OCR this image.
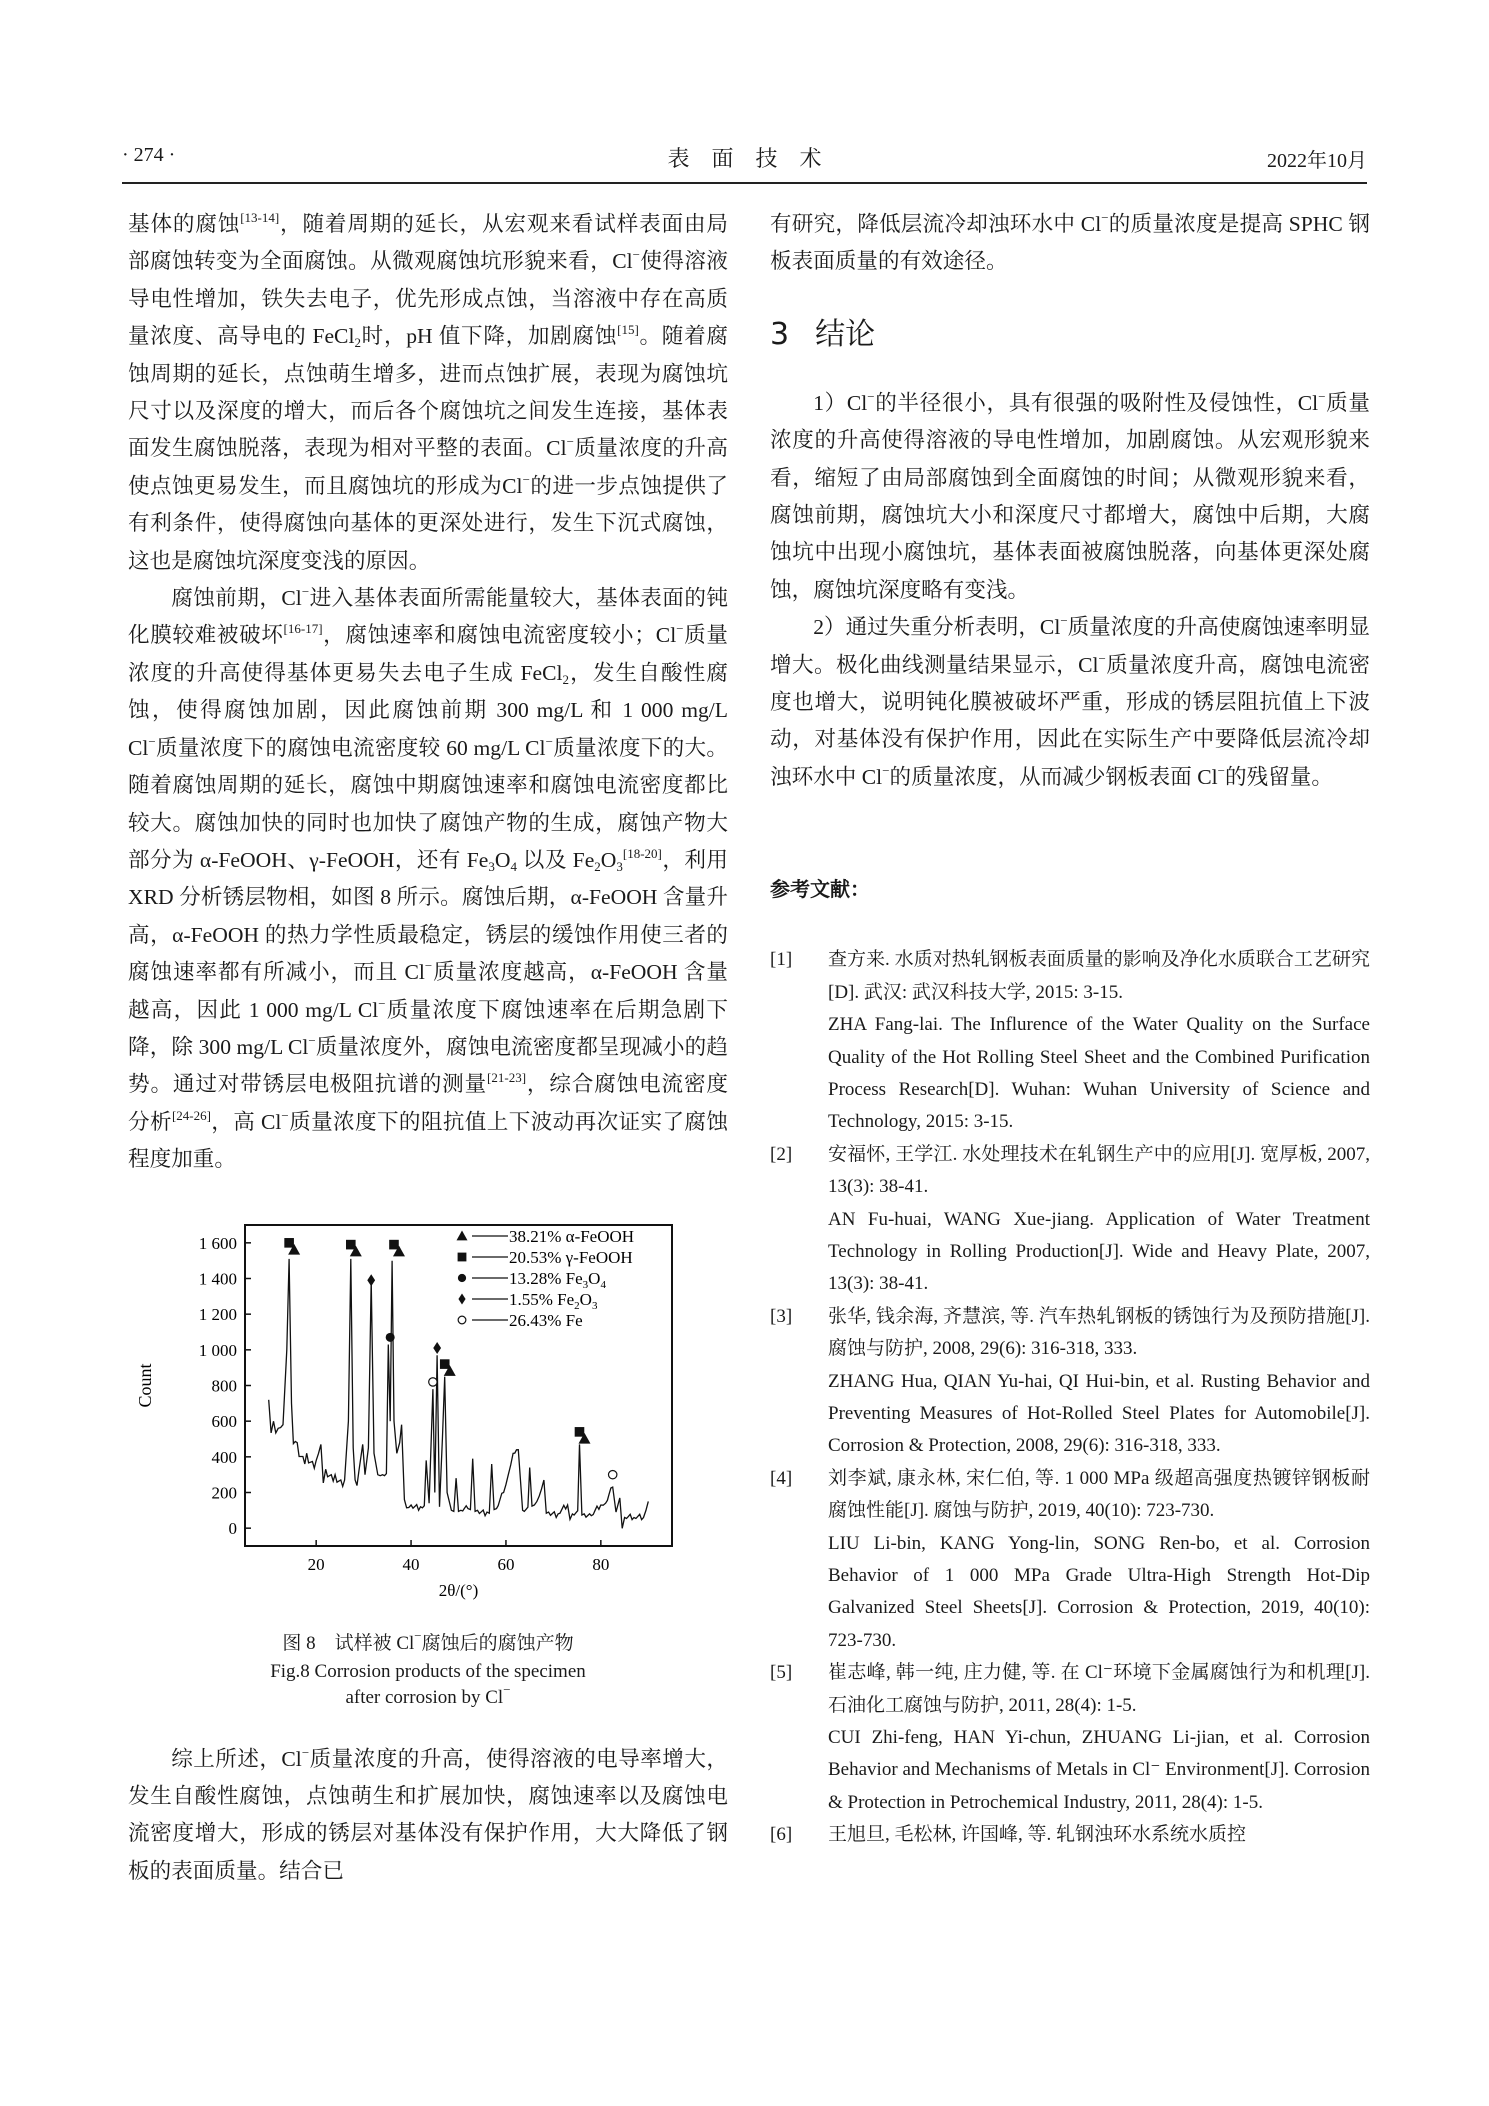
· 274 ·	表面技术	2022年10月

基体的腐蚀[13-14]，随着周期的延长，从宏观来看试样表面由局部腐蚀转变为全面腐蚀。从微观腐蚀坑形貌来看，Cl−使得溶液导电性增加，铁失去电子，优先形成点蚀，当溶液中存在高质量浓度、高导电的 FeCl$_2$时，pH 值下降，加剧腐蚀[15]。随着腐蚀周期的延长，点蚀萌生增多，进而点蚀扩展，表现为腐蚀坑尺寸以及深度的增大，而后各个腐蚀坑之间发生连接，基体表面发生腐蚀脱落，表现为相对平整的表面。Cl−质量浓度的升高使点蚀更易发生，而且腐蚀坑的形成为Cl−的进一步点蚀提供了有利条件，使得腐蚀向基体的更深处进行，发生下沉式腐蚀，这也是腐蚀坑深度变浅的原因。

腐蚀前期，Cl−进入基体表面所需能量较大，基体表面的钝化膜较难被破坏[16-17]，腐蚀速率和腐蚀电流密度较小；Cl−质量浓度的升高使得基体更易失去电子生成 FeCl$_2$，发生自酸性腐蚀，使得腐蚀加剧，因此腐蚀前期 300 mg/L 和 1 000 mg/L Cl−质量浓度下的腐蚀电流密度较 60 mg/L Cl−质量浓度下的大。随着腐蚀周期的延长，腐蚀中期腐蚀速率和腐蚀电流密度都比较大。腐蚀加快的同时也加快了腐蚀产物的生成，腐蚀产物大部分为 α-FeOOH、γ-FeOOH，还有 $Fe_3O_4$ 以及 $Fe_2O_3[18-20]$，利用 XRD 分析锈层物相，如图 8 所示。腐蚀后期，α-FeOOH 含量升高，α-FeOOH 的热力学性质最稳定，锈层的缓蚀作用使三者的腐蚀速率都有所减小，而且 Cl−质量浓度越高，α-FeOOH 含量越高，因此 1 000 mg/L Cl−质量浓度下腐蚀速率在后期急剧下降，除 300 mg/L Cl−质量浓度外，腐蚀电流密度都呈现减小的趋势。通过对带锈层电极阻抗谱的测量[21-23]，综合腐蚀电流密度分析[24-26]，高 Cl−质量浓度下的阻抗值上下波动再次证实了腐蚀程度加重。

0
200
400
600
800
1 000
1 200
1 400
1 600
20	40	60	80
2θ/(°)
Count
38.21% α-FeOOH
20.53% γ-FeOOH
13.28% $Fe_3O_4$
1.55% $Fe_2O_3$
26.43% Fe
图 8　试样被 Cl−腐蚀后的腐蚀产物
Fig.8 Corrosion products of the specimen
after corrosion by Cl−

综上所述，Cl−质量浓度的升高，使得溶液的电导率增大，发生自酸性腐蚀，点蚀萌生和扩展加快，腐蚀速率以及腐蚀电流密度增大，形成的锈层对基体没有保护作用，大大降低了钢板的表面质量。结合已

有研究，降低层流冷却浊环水中 Cl−的质量浓度是提高 SPHC 钢板表面质量的有效途径。

3 结论

1）Cl−的半径很小，具有很强的吸附性及侵蚀性，Cl−质量浓度的升高使得溶液的导电性增加，加剧腐蚀。从宏观形貌来看，缩短了由局部腐蚀到全面腐蚀的时间；从微观形貌来看，腐蚀前期，腐蚀坑大小和深度尺寸都增大，腐蚀中后期，大腐蚀坑中出现小腐蚀坑，基体表面被腐蚀脱落，向基体更深处腐蚀，腐蚀坑深度略有变浅。

2）通过失重分析表明，Cl−质量浓度的升高使腐蚀速率明显增大。极化曲线测量结果显示，Cl−质量浓度升高，腐蚀电流密度也增大，说明钝化膜被破坏严重，形成的锈层阻抗值上下波动，对基体没有保护作用，因此在实际生产中要降低层流冷却浊环水中 Cl−的质量浓度，从而减少钢板表面 Cl−的残留量。

参考文献：
[1]	查方来. 水质对热轧钢板表面质量的影响及净化水质联合工艺研究[D]. 武汉: 武汉科技大学, 2015: 3-15.
ZHA Fang-lai. The Influrence of the Water Quality on the Surface Quality of the Hot Rolling Steel Sheet and the Combined Purification Process Research[D]. Wuhan: Wuhan University of Science and Technology, 2015: 3-15.
[2]	安福怀, 王学江. 水处理技术在轧钢生产中的应用[J]. 宽厚板, 2007, 13(3): 38-41.
AN Fu-huai, WANG Xue-jiang. Application of Water Treatment Technology in Rolling Production[J]. Wide and Heavy Plate, 2007, 13(3): 38-41.
[3]	张华, 钱余海, 齐慧滨, 等. 汽车热轧钢板的锈蚀行为及预防措施[J]. 腐蚀与防护, 2008, 29(6): 316-318, 333.
ZHANG Hua, QIAN Yu-hai, QI Hui-bin, et al. Rusting Behavior and Preventing Measures of Hot-Rolled Steel Plates for Automobile[J]. Corrosion & Protection, 2008, 29(6): 316-318, 333.
[4]	刘李斌, 康永林, 宋仁伯, 等. 1 000 MPa 级超高强度热镀锌钢板耐腐蚀性能[J]. 腐蚀与防护, 2019, 40(10): 723-730.
LIU Li-bin, KANG Yong-lin, SONG Ren-bo, et al. Corrosion Behavior of 1 000 MPa Grade Ultra-High Strength Hot-Dip Galvanized Steel Sheets[J]. Corrosion & Protection, 2019, 40(10): 723-730.
[5]	崔志峰, 韩一纯, 庄力健, 等. 在 Cl⁻环境下金属腐蚀行为和机理[J]. 石油化工腐蚀与防护, 2011, 28(4): 1-5.
CUI Zhi-feng, HAN Yi-chun, ZHUANG Li-jian, et al. Corrosion Behavior and Mechanisms of Metals in Cl⁻ Environment[J]. Corrosion & Protection in Petrochemical Industry, 2011, 28(4): 1-5.
[6]	王旭旦, 毛松林, 许国峰, 等. 轧钢浊环水系统水质控
